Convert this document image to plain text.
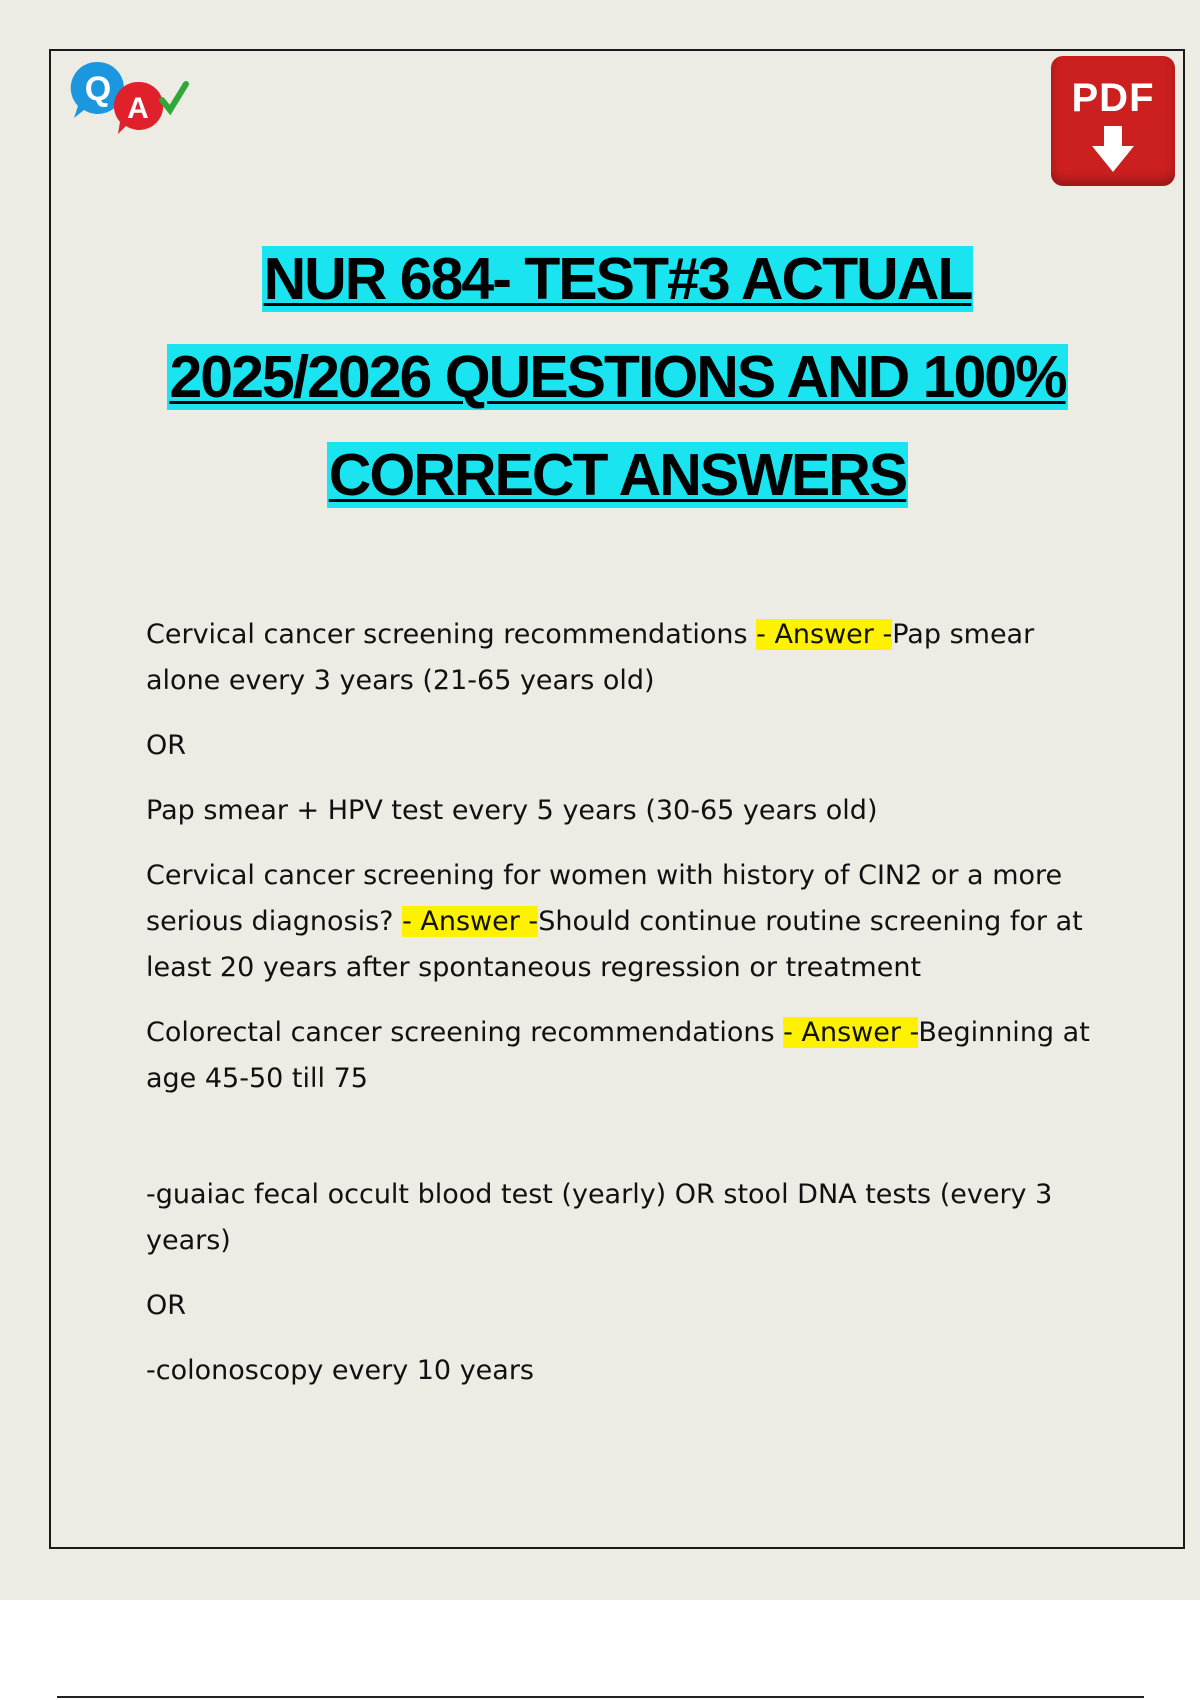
Q
A	PDF
NUR 684- TEST#3 ACTUAL
2025/2026 QUESTIONS AND 100%
CORRECT ANSWERS

Cervical cancer screening recommendations - Answer -Pap smear alone every 3 years (21-65 years old)

OR

Pap smear + HPV test every 5 years (30-65 years old)

Cervical cancer screening for women with history of CIN2 or a more serious diagnosis? - Answer -Should continue routine screening for at least 20 years after spontaneous regression or treatment

Colorectal cancer screening recommendations - Answer -Beginning at age 45-50 till 75

-guaiac fecal occult blood test (yearly) OR stool DNA tests (every 3 years)

OR

-colonoscopy every 10 years
